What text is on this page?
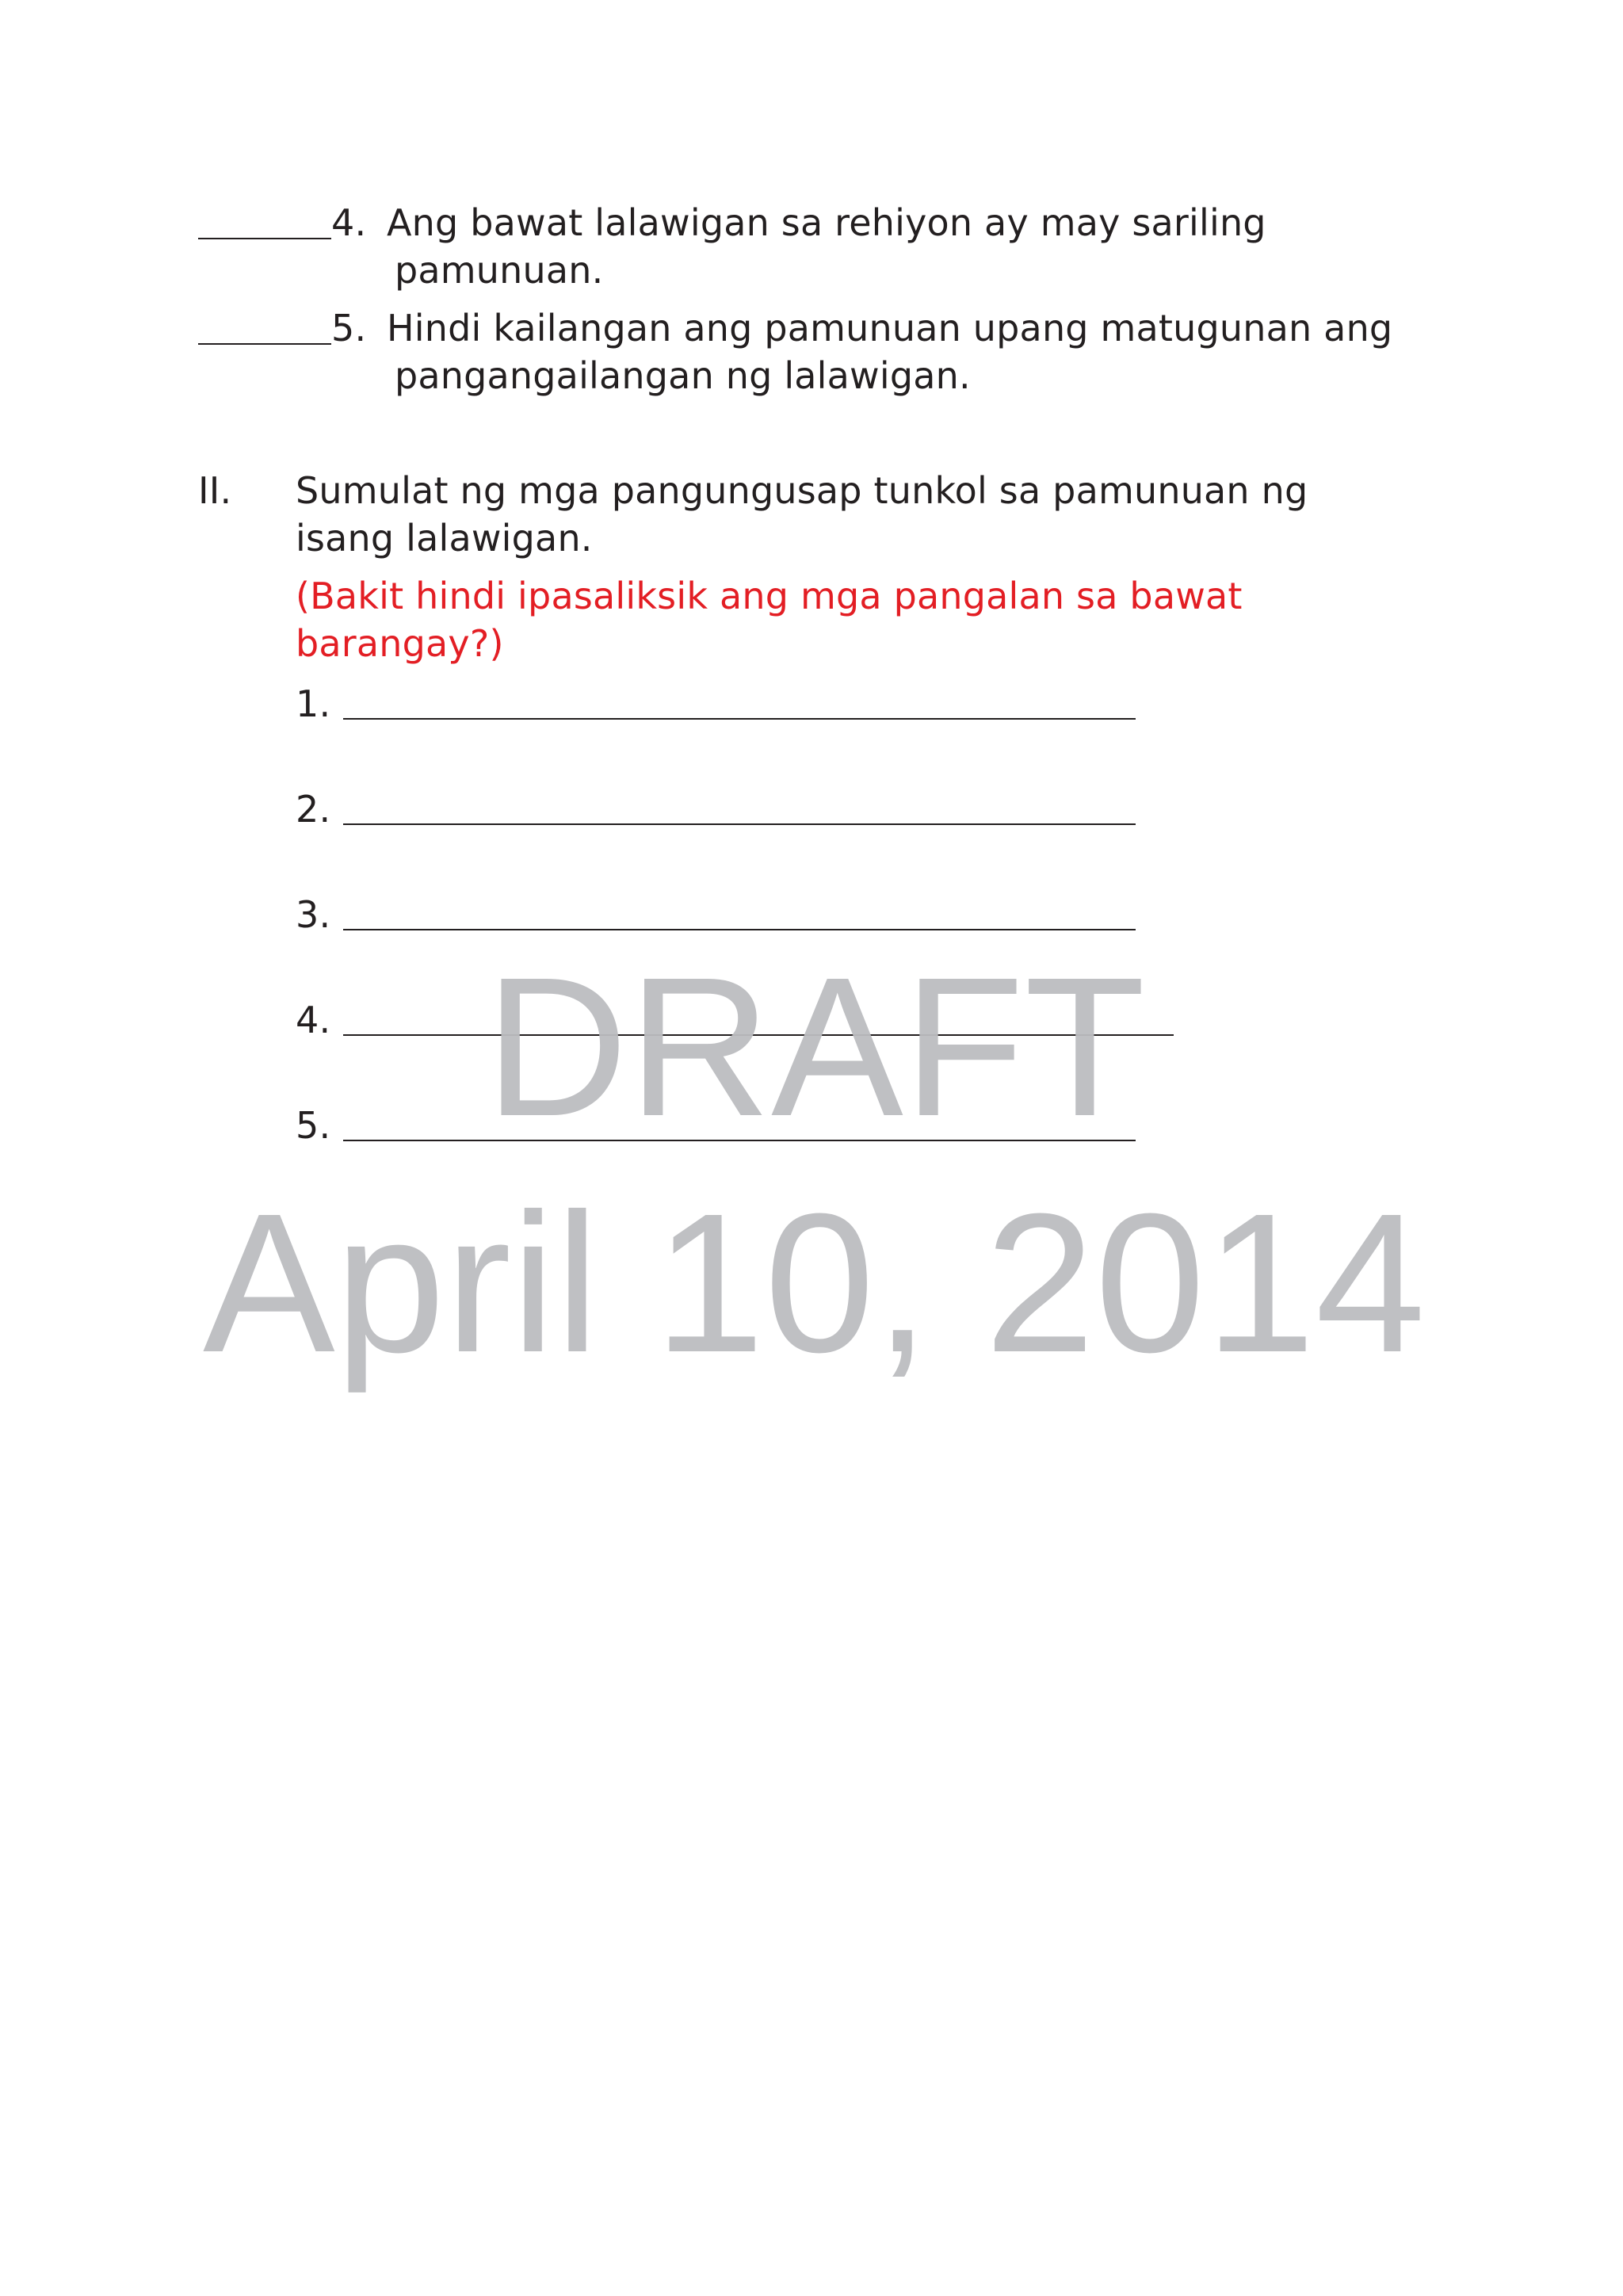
4. Ang bawat lalawigan sa rehiyon ay may sariling
pamunuan.
5. Hindi kailangan ang pamunuan upang matugunan ang
pangangailangan ng lalawigan.
II. Sumulat ng mga pangungusap tunkol sa pamunuan ng
isang lalawigan.
(Bakit hindi ipasaliksik ang mga pangalan sa bawat
barangay?)
1.
2.
3.
4.
5. DRAFT
April 10, 2014
